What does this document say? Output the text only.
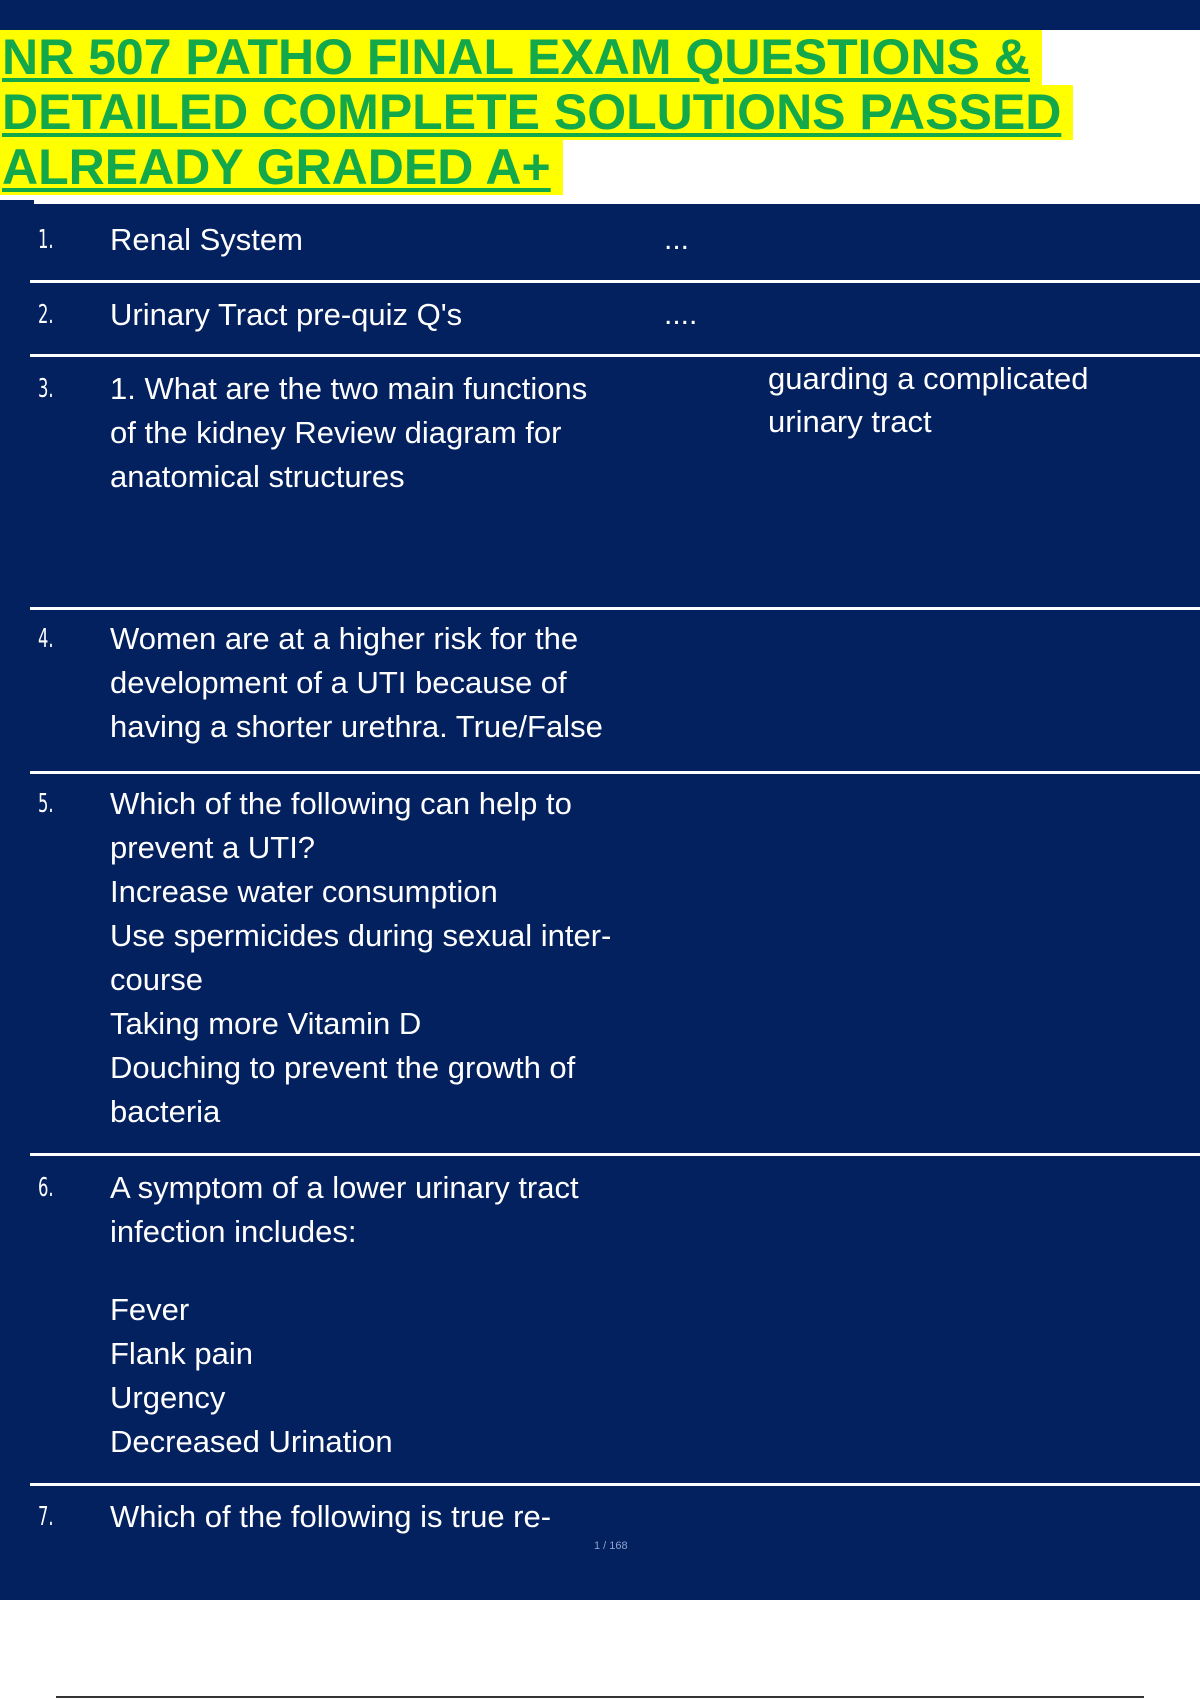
NR 507 PATHO FINAL EXAM QUESTIONS &
DETAILED COMPLETE SOLUTIONS PASSED
ALREADY GRADED A+
1. Renal System	...
2. Urinary Tract pre-quiz Q's	....
3. 1. What are the two main functions
of the kidney Review diagram for
anatomical structures
guarding a complicated
urinary tract
4. Women are at a higher risk for the
development of a UTI because of
having a shorter urethra. True/False
5. Which of the following can help to
prevent a UTI?
Increase water consumption
Use spermicides during sexual inter-
course
Taking more Vitamin D
Douching to prevent the growth of
bacteria
6. A symptom of a lower urinary tract
infection includes:
Fever
Flank pain
Urgency
Decreased Urination
7. Which of the following is true re-
1 / 168
